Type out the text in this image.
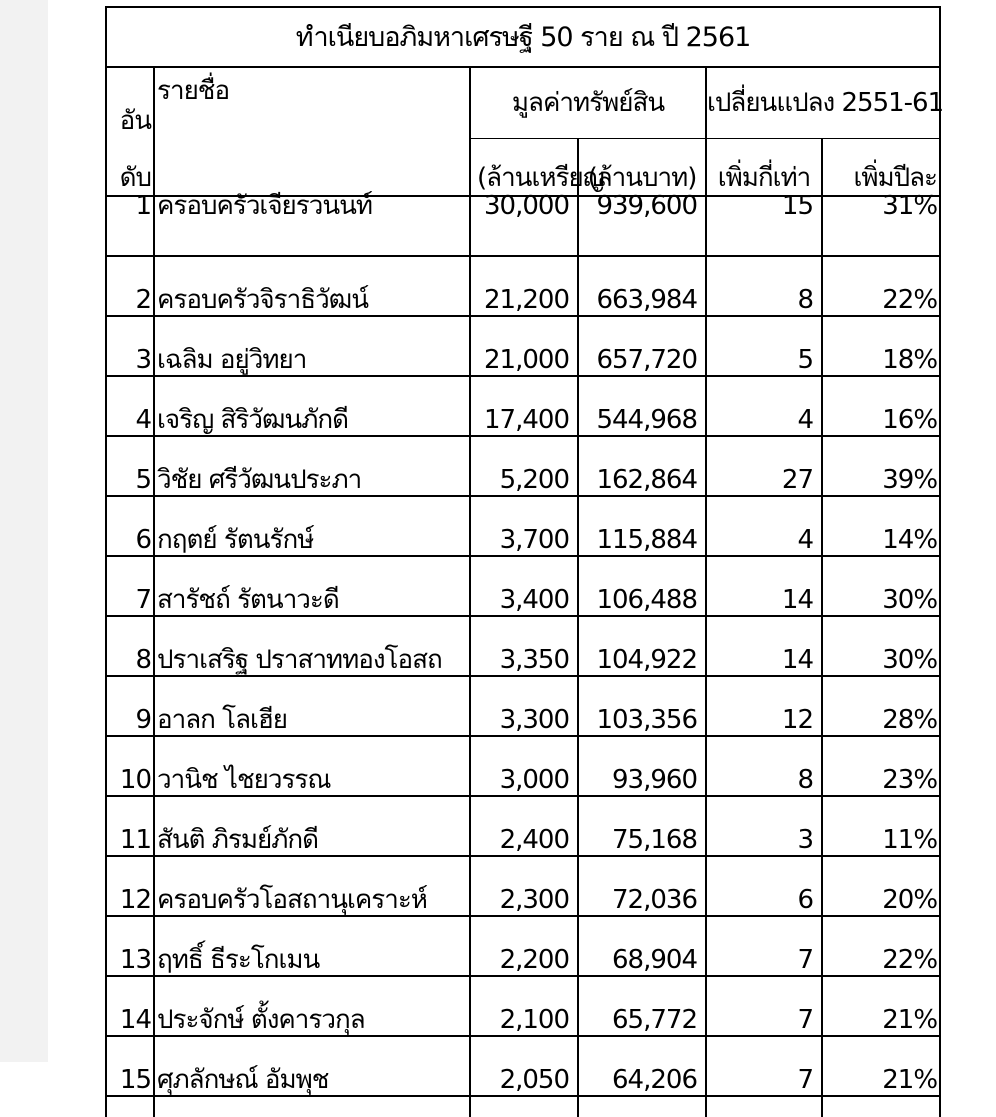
ทำเนียบอภิมหาเศรษฐี 50 ราย ณ ปี 2561					
อัน	รายชื่อ	มูลค่าทรัพย์สิน		เปลี่ยนแปลง 2551-61	
ดับ		(ล้านเหรียญ	(ล้านบาท)	เพิ่มกี่เท่า	เพิ่มปีละ
1	ครอบครัวเจียรวนนท์	30,000	939,600	15	31%
2	ครอบครัวจิราธิวัฒน์	21,200	663,984	8	22%
3	เฉลิม อยู่วิทยา	21,000	657,720	5	18%
4	เจริญ สิริวัฒนภักดี	17,400	544,968	4	16%
5	วิชัย ศรีวัฒนประภา	5,200	162,864	27	39%
6	กฤตย์ รัตนรักษ์	3,700	115,884	4	14%
7	สารัชถ์ รัตนาวะดี	3,400	106,488	14	30%
8	ปราเสริฐ ปราสาททองโอสถ	3,350	104,922	14	30%
9	อาลก โลเฮีย	3,300	103,356	12	28%
10	วานิช ไชยวรรณ	3,000	93,960	8	23%
11	สันติ ภิรมย์ภักดี	2,400	75,168	3	11%
12	ครอบครัวโอสถานุเคราะห์	2,300	72,036	6	20%
13	ฤทธิ์ ธีระโกเมน	2,200	68,904	7	22%
14	ประจักษ์ ตั้งคารวกุล	2,100	65,772	7	21%
15	ศุภลักษณ์ อัมพุช	2,050	64,206	7	21%
